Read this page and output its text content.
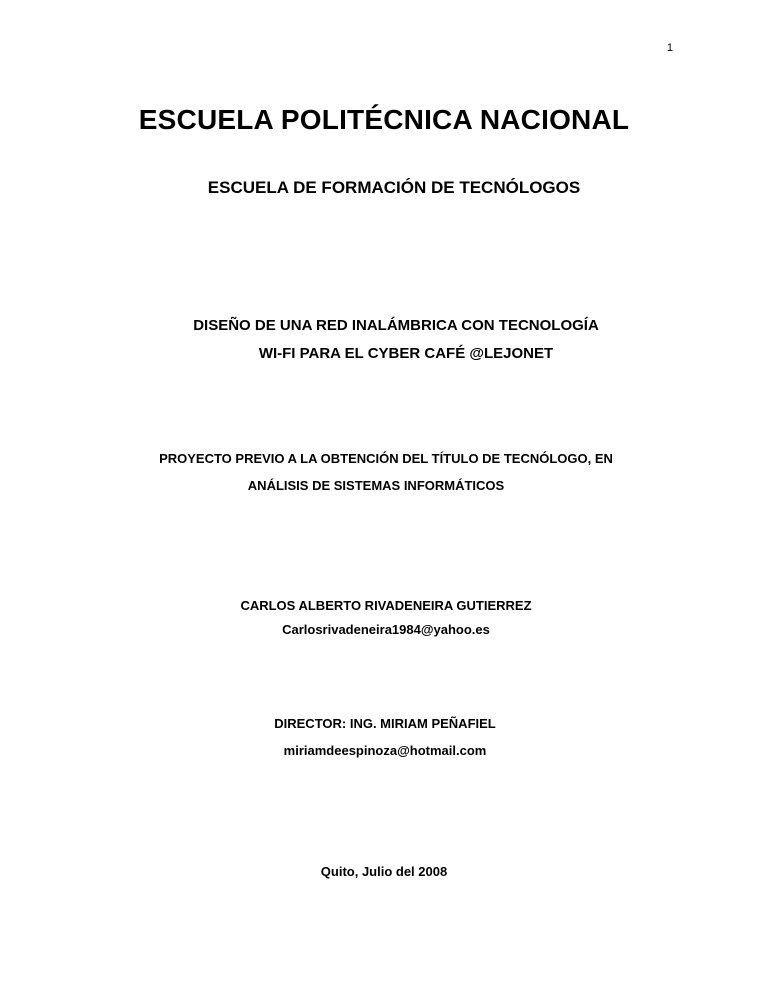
1
ESCUELA POLITÉCNICA NACIONAL
ESCUELA DE FORMACIÓN DE TECNÓLOGOS

DISEÑO DE UNA RED INALÁMBRICA CON TECNOLOGÍA

WI-FI PARA EL CYBER CAFÉ @LEJONET

PROYECTO PREVIO A LA OBTENCIÓN DEL TÍTULO DE TECNÓLOGO, EN

ANÁLISIS DE SISTEMAS INFORMÁTICOS

CARLOS ALBERTO RIVADENEIRA GUTIERREZ

Carlosrivadeneira1984@yahoo.es

DIRECTOR: ING. MIRIAM PEÑAFIEL

miriamdeespinoza@hotmail.com

Quito, Julio del 2008
